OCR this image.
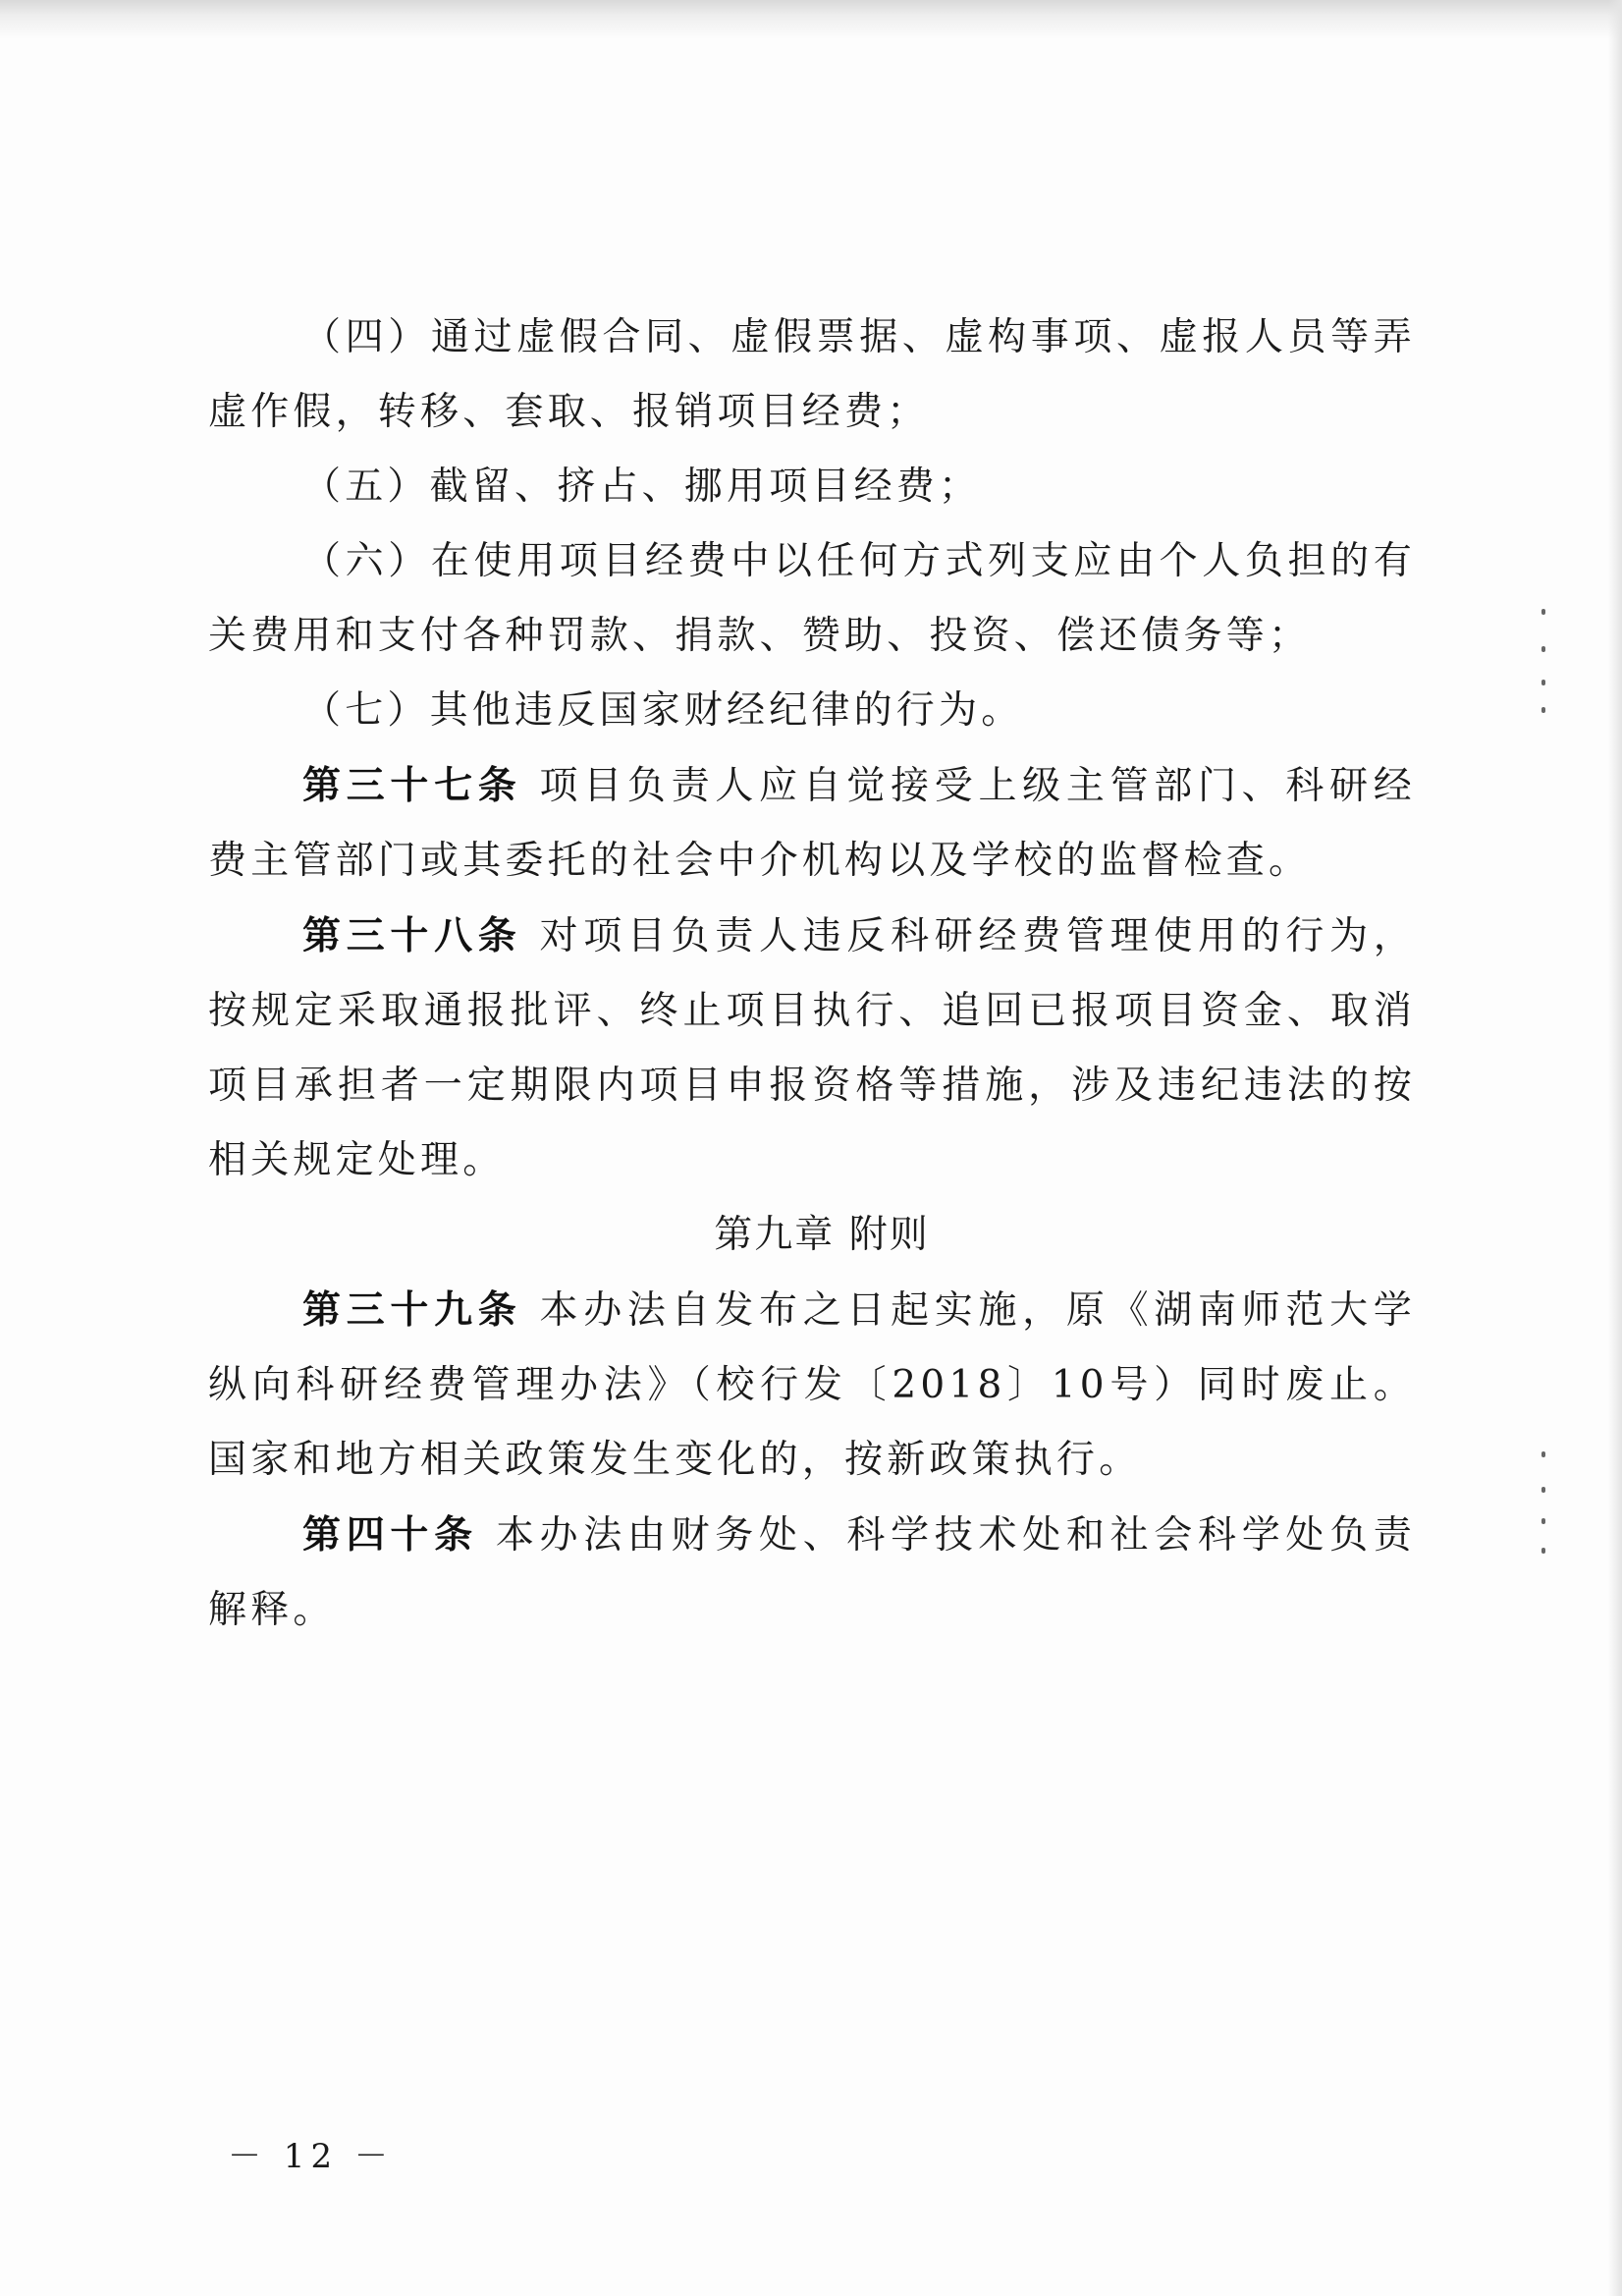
（四）通过虚假合同、虚假票据、虚构事项、虚报人员等弄虚作假，转移、套取、报销项目经费；

（五）截留、挤占、挪用项目经费；

（六）在使用项目经费中以任何方式列支应由个人负担的有关费用和支付各种罚款、捐款、赞助、投资、偿还债务等；

（七）其他违反国家财经纪律的行为。

第三十七条 项目负责人应自觉接受上级主管部门、科研经费主管部门或其委托的社会中介机构以及学校的监督检查。

第三十八条 对项目负责人违反科研经费管理使用的行为，按规定采取通报批评、终止项目执行、追回已报项目资金、取消项目承担者一定期限内项目申报资格等措施，涉及违纪违法的按相关规定处理。

第九章 附则

第三十九条 本办法自发布之日起实施，原《湖南师范大学纵向科研经费管理办法》（校行发〔2018〕10号）同时废止。国家和地方相关政策发生变化的，按新政策执行。

第四十条 本办法由财务处、科学技术处和社会科学处负责解释。

－ 12 －
